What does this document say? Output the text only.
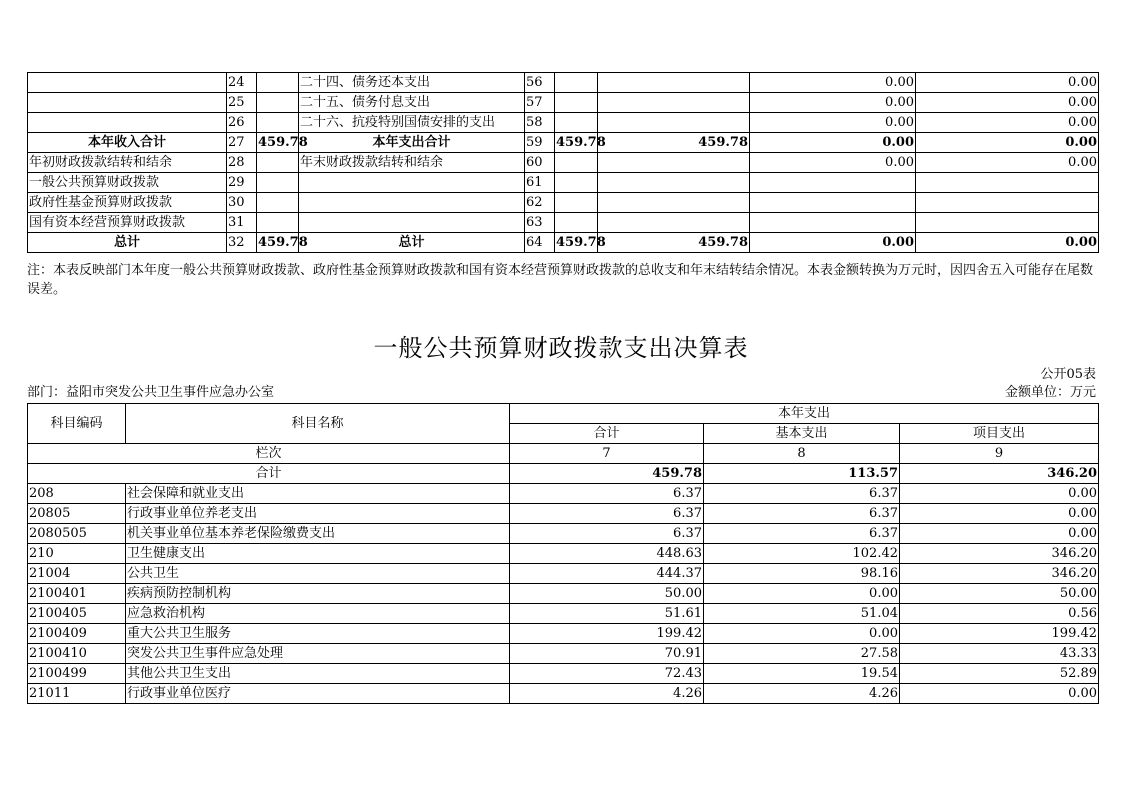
	24		二十四、债务还本支出	56			0.00	0.00
	25		二十五、债务付息支出	57			0.00	0.00
	26		二十六、抗疫特别国债安排的支出	58			0.00	0.00
本年收入合计	27	459.78	本年支出合计	59	459.78	459.78	0.00	0.00
年初财政拨款结转和结余	28		年末财政拨款结转和结余	60			0.00	0.00
一般公共预算财政拨款	29			61				
政府性基金预算财政拨款	30			62				
国有资本经营预算财政拨款	31			63				
总计	32	459.78	总计	64	459.78	459.78	0.00	0.00
注：本表反映部门本年度一般公共预算财政拨款、政府性基金预算财政拨款和国有资本经营预算财政拨款的总收支和年末结转结余情况。本表金额转换为万元时，因四舍五入可能存在尾数误差。
一般公共预算财政拨款支出决算表
公开05表
部门：益阳市突发公共卫生事件应急办公室	金额单位：万元
科目编码	科目名称	本年支出		
		合计	基本支出	项目支出
栏次		7	8	9
合计		459.78	113.57	346.20
208	社会保障和就业支出	6.37	6.37	0.00
20805	行政事业单位养老支出	6.37	6.37	0.00
2080505	机关事业单位基本养老保险缴费支出	6.37	6.37	0.00
210	卫生健康支出	448.63	102.42	346.20
21004	公共卫生	444.37	98.16	346.20
2100401	疾病预防控制机构	50.00	0.00	50.00
2100405	应急救治机构	51.61	51.04	0.56
2100409	重大公共卫生服务	199.42	0.00	199.42
2100410	突发公共卫生事件应急处理	70.91	27.58	43.33
2100499	其他公共卫生支出	72.43	19.54	52.89
21011	行政事业单位医疗	4.26	4.26	0.00
